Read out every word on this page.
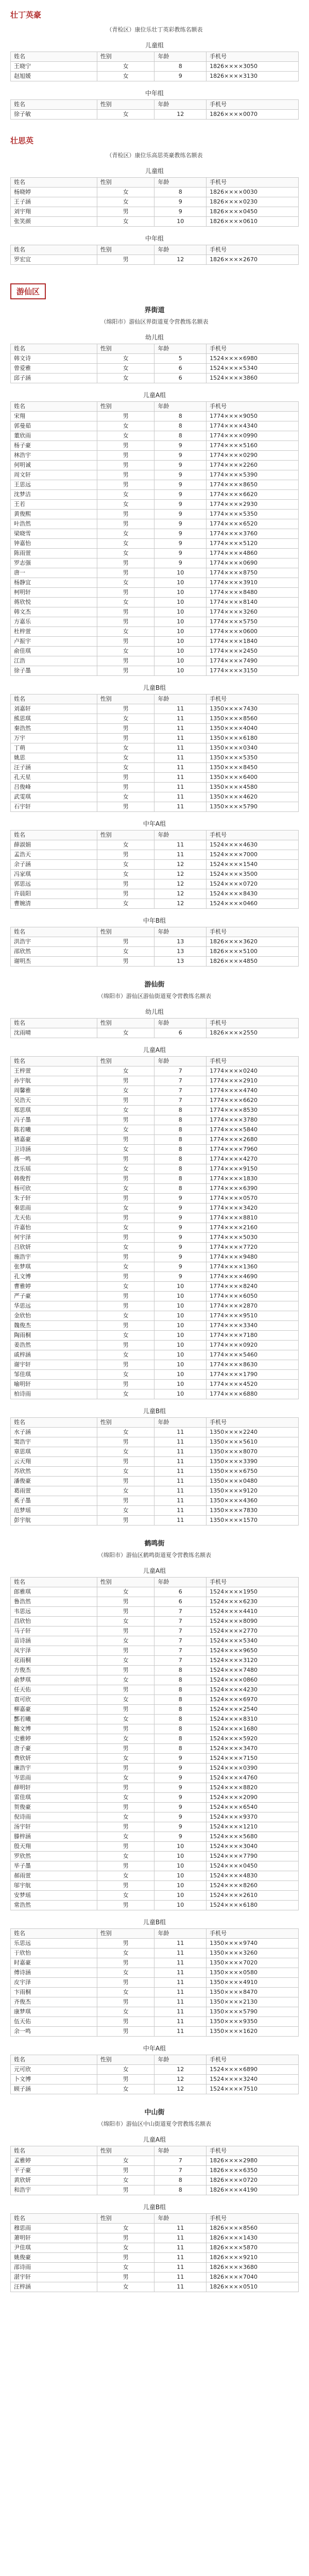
壮丁英豪
（青检区）康位乐壮丁英彩教练名额表
儿童组
姓名	性别	年龄	手机号
王晓宁	女	8	1826××××3050
赵旭媛	女	9	1826××××3130
中年组
姓名	性别	年龄	手机号
徐子敏	女	12	1826××××0070
壮思英
（青检区）康位乐高思英豪教练名额表
儿童组
姓名	性别	年龄	手机号
杨晓婷	女	8	1826××××0030
王子涵	女	9	1826××××0230
刘宇翔	男	9	1826××××0450
张笑颜	女	10	1826××××0610
中年组
姓名	性别	年龄	手机号
罗宏宜	男	12	1826××××2670
游仙区
界街道
（绵阳市）游仙区界街道夏令营教练名额表
幼儿组
姓名	性别	年龄	手机号
韩文诗	女	5	1524××××6980
曾爱雅	女	6	1524××××5340
邱子涵	女	6	1524××××3860
儿童A组
姓名	性别	年龄	手机号
宋翔	男	8	1774××××9050
郭曼茹	女	8	1774××××4340
董欣雨	女	8	1774××××0990
杨子豪	男	9	1774××××5160
林浩宇	男	9	1774××××0290
何明诚	男	9	1774××××2260
周文轩	男	9	1774××××5390
王思远	男	9	1774××××8650
沈梦洁	女	9	1774××××6620
王若	女	9	1774××××2930
黄俊熙	男	9	1774××××5350
叶浩然	男	9	1774××××6520
梁晓雪	女	9	1774××××3760
钟嘉怡	女	9	1774××××5120
陈雨萱	女	9	1774××××4860
罗志强	男	9	1774××××0690
唐一	男	10	1774××××8750
杨静宜	女	10	1774××××3910
柯明轩	男	10	1774××××8480
蒋欣悦	女	10	1774××××8140
韩文杰	男	10	1774××××3260
方嘉乐	男	10	1774××××5750
杜梓萱	女	10	1774××××0600
卢振宇	男	10	1774××××1840
俞佳琪	女	10	1774××××2450
江浩	男	10	1774××××7490
徐子墨	男	10	1774××××3150
儿童B组
姓名	性别	年龄	手机号
刘嘉轩	男	11	1350××××7430
熊思琪	女	11	1350××××8560
秦浩然	男	11	1350××××4040
万宇	男	11	1350××××6180
丁萌	女	11	1350××××0340
姚思	女	11	1350××××5350
汪子涵	女	11	1350××××8450
孔天星	男	11	1350××××6400
吕俊峰	男	11	1350××××4580
武雯琪	女	11	1350××××4620
石宇轩	男	11	1350××××5790
中年A组
姓名	性别	年龄	手机号
薛淑娟	女	11	1524××××4630
孟浩天	男	11	1524××××7000
余子涵	女	12	1524××××1540
冯家琪	女	12	1524××××3500
郭思远	男	12	1524××××0720
许晨阳	男	12	1524××××8430
曹婉清	女	12	1524××××0460
中年B组
姓名	性别	年龄	手机号
洪浩宇	男	13	1826××××3620
邵欣然	女	13	1826××××5100
谢明杰	男	13	1826××××4850
游仙街
（绵阳市）游仙区游仙街道夏令营教练名额表
幼儿组
姓名	性别	年龄	手机号
沈雨晴	女	6	1826××××2550
儿童A组
姓名	性别	年龄	手机号
王梓萱	女	7	1774××××0240
孙宇航	男	7	1774××××2910
周馨雅	女	7	1774××××4740
吴浩天	男	7	1774××××6620
郑思琪	女	8	1774××××8530
冯子墨	男	8	1774××××3780
陈若曦	女	8	1774××××5840
褚嘉豪	男	8	1774××××2680
卫诗涵	女	8	1774××××7960
蒋一鸣	男	8	1774××××4270
沈乐瑶	女	8	1774××××9150
韩俊哲	男	8	1774××××1830
杨可欣	女	8	1774××××6390
朱子轩	男	9	1774××××0570
秦思雨	女	9	1774××××3420
尤天佑	男	9	1774××××8810
许嘉怡	女	9	1774××××2160
何宇泽	男	9	1774××××5030
吕欣妍	女	9	1774××××7720
施浩宇	男	9	1774××××9480
张梦琪	女	9	1774××××1360
孔文博	男	9	1774××××4690
曹雅婷	女	10	1774××××8240
严子豪	男	10	1774××××6050
华思远	男	10	1774××××2870
金欣怡	女	10	1774××××9510
魏俊杰	男	10	1774××××3340
陶雨桐	女	10	1774××××7180
姜浩然	男	10	1774××××0920
戚梓涵	女	10	1774××××5460
谢宇轩	男	10	1774××××8630
邹佳琪	女	10	1774××××1790
喻明轩	男	10	1774××××4520
柏诗雨	女	10	1774××××6880
儿童B组
姓名	性别	年龄	手机号
水子涵	女	11	1350××××2240
窦浩宇	男	11	1350××××5610
章思琪	女	11	1350××××8070
云天翔	男	11	1350××××3390
苏欣然	女	11	1350××××6750
潘俊豪	男	11	1350××××0480
葛雨萱	女	11	1350××××9120
奚子墨	男	11	1350××××4360
范梦瑶	女	11	1350××××7830
彭宇航	男	11	1350××××1570
鹤鸣街
（绵阳市）游仙区鹤鸣街道夏令营教练名额表
儿童A组
姓名	性别	年龄	手机号
郎雅琪	女	6	1524××××1950
鲁浩然	男	6	1524××××6230
韦思远	男	7	1524××××4410
昌欣怡	女	7	1524××××8090
马子轩	男	7	1524××××2770
苗诗涵	女	7	1524××××5340
凤宇泽	男	7	1524××××9650
花雨桐	女	7	1524××××3120
方俊杰	男	8	1524××××7480
俞梦琪	女	8	1524××××0860
任天佑	男	8	1524××××4230
袁可欣	女	8	1524××××6970
柳嘉豪	男	8	1524××××2540
酆若曦	女	8	1524××××8310
鲍文博	男	8	1524××××1680
史雅婷	女	8	1524××××5920
唐子豪	男	8	1524××××3470
费欣妍	女	9	1524××××7150
廉浩宇	男	9	1524××××0390
岑思雨	女	9	1524××××4760
薛明轩	男	9	1524××××8820
雷佳琪	女	9	1524××××2090
贺俊豪	男	9	1524××××6540
倪诗雨	女	9	1524××××9370
汤宇轩	男	9	1524××××1210
滕梓涵	女	9	1524××××5680
殷天翔	男	10	1524××××3040
罗欣然	女	10	1524××××7790
毕子墨	男	10	1524××××0450
郝雨萱	女	10	1524××××4830
邬宇航	男	10	1524××××8260
安梦瑶	女	10	1524××××2610
常浩然	男	10	1524××××6180
儿童B组
姓名	性别	年龄	手机号
乐思远	男	11	1350××××9740
于欣怡	女	11	1350××××3260
时嘉豪	男	11	1350××××7020
傅诗涵	女	11	1350××××0580
皮宇泽	男	11	1350××××4910
卞雨桐	女	11	1350××××8470
齐俊杰	男	11	1350××××2130
康梦琪	女	11	1350××××5790
伍天佑	男	11	1350××××9350
余一鸣	男	11	1350××××1620
中年A组
姓名	性别	年龄	手机号
元可欣	女	12	1524××××6890
卜文博	男	12	1524××××3240
顾子涵	女	12	1524××××7510
中山街
（绵阳市）游仙区中山街道夏令营教练名额表
儿童A组
姓名	性别	年龄	手机号
孟雅婷	女	7	1826××××2980
平子豪	男	7	1826××××6350
黄欣妍	女	8	1826××××0720
和浩宇	男	8	1826××××4190
儿童B组
姓名	性别	年龄	手机号
穆思雨	女	11	1826××××8560
萧明轩	男	11	1826××××1430
尹佳琪	女	11	1826××××5870
姚俊豪	男	11	1826××××9210
邵诗雨	女	11	1826××××3680
湛宇轩	男	11	1826××××7040
汪梓涵	女	11	1826××××0510
